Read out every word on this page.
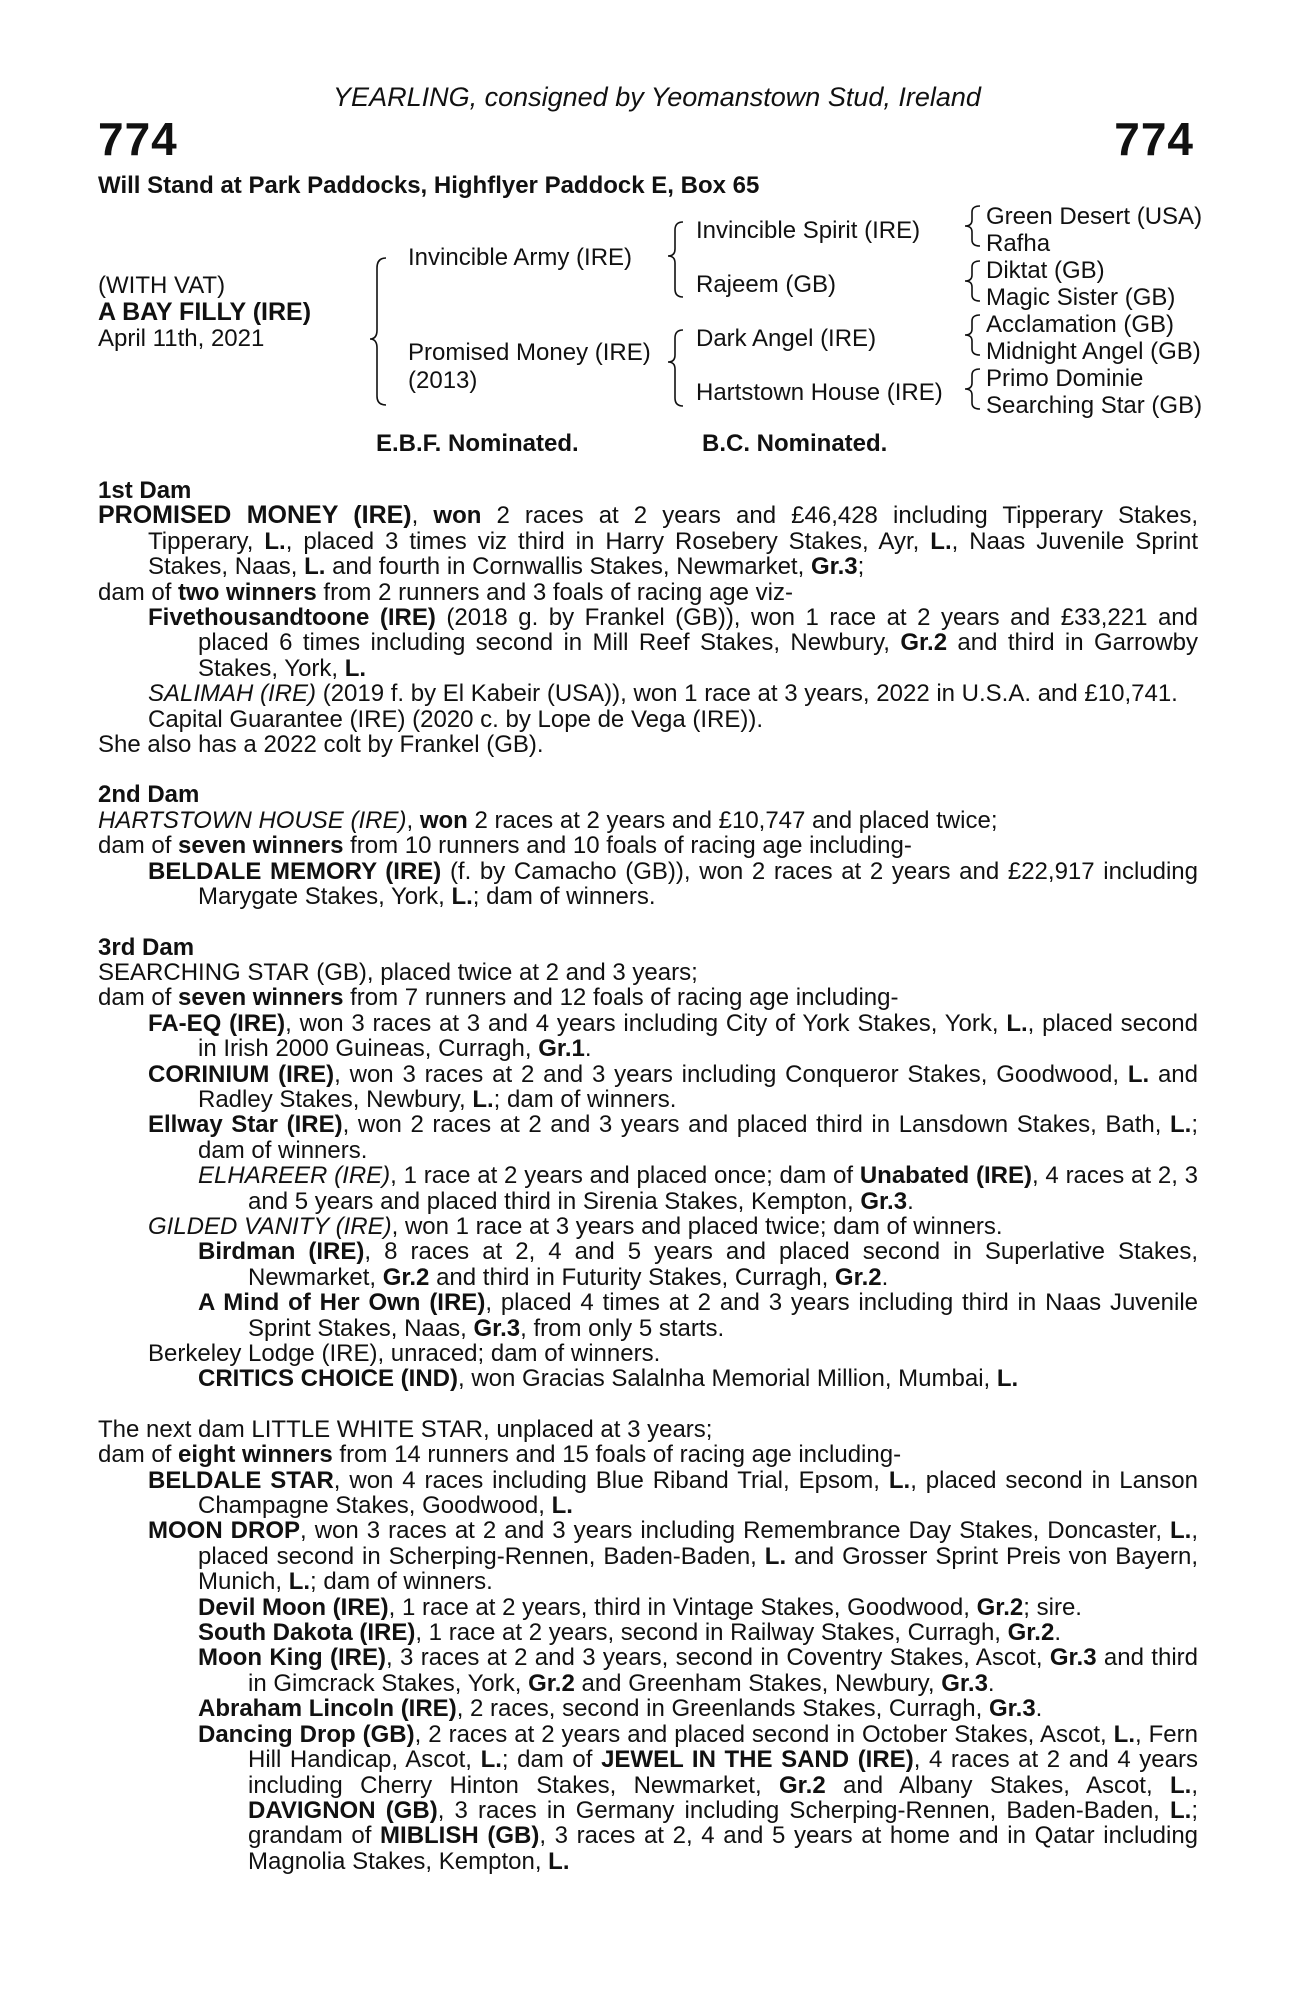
YEARLING, consigned by Yeomanstown Stud, Ireland
774	774
Will Stand at Park Paddocks, Highflyer Paddock E, Box 65
(WITH VAT)
A BAY FILLY (IRE)
April 11th, 2021
Invincible Army (IRE)
Promised Money (IRE)
(2013)
Invincible Spirit (IRE)
Rajeem (GB)
Dark Angel (IRE)
Hartstown House (IRE)
Green Desert (USA)
Rafha
Diktat (GB)
Magic Sister (GB)
Acclamation (GB)
Midnight Angel (GB)
Primo Dominie
Searching Star (GB)
E.B.F. Nominated.	B.C. Nominated.

1st Dam

PROMISED MONEY (IRE), won 2 races at 2 years and £46,428 including Tipperary Stakes, Tipperary, L., placed 3 times viz third in Harry Rosebery Stakes, Ayr, L., Naas Juvenile Sprint Stakes, Naas, L. and fourth in Cornwallis Stakes, Newmarket, Gr.3;

dam of two winners from 2 runners and 3 foals of racing age viz-

Fivethousandtoone (IRE) (2018 g. by Frankel (GB)), won 1 race at 2 years and £33,221 and placed 6 times including second in Mill Reef Stakes, Newbury, Gr.2 and third in Garrowby Stakes, York, L.

SALIMAH (IRE) (2019 f. by El Kabeir (USA)), won 1 race at 3 years, 2022 in U.S.A. and £10,741.

Capital Guarantee (IRE) (2020 c. by Lope de Vega (IRE)).

She also has a 2022 colt by Frankel (GB).

2nd Dam

HARTSTOWN HOUSE (IRE), won 2 races at 2 years and £10,747 and placed twice;

dam of seven winners from 10 runners and 10 foals of racing age including-

BELDALE MEMORY (IRE) (f. by Camacho (GB)), won 2 races at 2 years and £22,917 including Marygate Stakes, York, L.; dam of winners.

3rd Dam

SEARCHING STAR (GB), placed twice at 2 and 3 years;

dam of seven winners from 7 runners and 12 foals of racing age including-

FA-EQ (IRE), won 3 races at 3 and 4 years including City of York Stakes, York, L., placed second in Irish 2000 Guineas, Curragh, Gr.1.

CORINIUM (IRE), won 3 races at 2 and 3 years including Conqueror Stakes, Goodwood, L. and Radley Stakes, Newbury, L.; dam of winners.

Ellway Star (IRE), won 2 races at 2 and 3 years and placed third in Lansdown Stakes, Bath, L.; dam of winners.

ELHAREER (IRE), 1 race at 2 years and placed once; dam of Unabated (IRE), 4 races at 2, 3 and 5 years and placed third in Sirenia Stakes, Kempton, Gr.3.

GILDED VANITY (IRE), won 1 race at 3 years and placed twice; dam of winners.

Birdman (IRE), 8 races at 2, 4 and 5 years and placed second in Superlative Stakes, Newmarket, Gr.2 and third in Futurity Stakes, Curragh, Gr.2.

A Mind of Her Own (IRE), placed 4 times at 2 and 3 years including third in Naas Juvenile Sprint Stakes, Naas, Gr.3, from only 5 starts.

Berkeley Lodge (IRE), unraced; dam of winners.

CRITICS CHOICE (IND), won Gracias Salalnha Memorial Million, Mumbai, L.

The next dam LITTLE WHITE STAR, unplaced at 3 years;

dam of eight winners from 14 runners and 15 foals of racing age including-

BELDALE STAR, won 4 races including Blue Riband Trial, Epsom, L., placed second in Lanson Champagne Stakes, Goodwood, L.

MOON DROP, won 3 races at 2 and 3 years including Remembrance Day Stakes, Doncaster, L., placed second in Scherping-Rennen, Baden-Baden, L. and Grosser Sprint Preis von Bayern, Munich, L.; dam of winners.

Devil Moon (IRE), 1 race at 2 years, third in Vintage Stakes, Goodwood, Gr.2; sire.

South Dakota (IRE), 1 race at 2 years, second in Railway Stakes, Curragh, Gr.2.

Moon King (IRE), 3 races at 2 and 3 years, second in Coventry Stakes, Ascot, Gr.3 and third in Gimcrack Stakes, York, Gr.2 and Greenham Stakes, Newbury, Gr.3.

Abraham Lincoln (IRE), 2 races, second in Greenlands Stakes, Curragh, Gr.3.

Dancing Drop (GB), 2 races at 2 years and placed second in October Stakes, Ascot, L., Fern Hill Handicap, Ascot, L.; dam of JEWEL IN THE SAND (IRE), 4 races at 2 and 4 years including Cherry Hinton Stakes, Newmarket, Gr.2 and Albany Stakes, Ascot, L., DAVIGNON (GB), 3 races in Germany including Scherping-Rennen, Baden-Baden, L.; grandam of MIBLISH (GB), 3 races at 2, 4 and 5 years at home and in Qatar including Magnolia Stakes, Kempton, L.
